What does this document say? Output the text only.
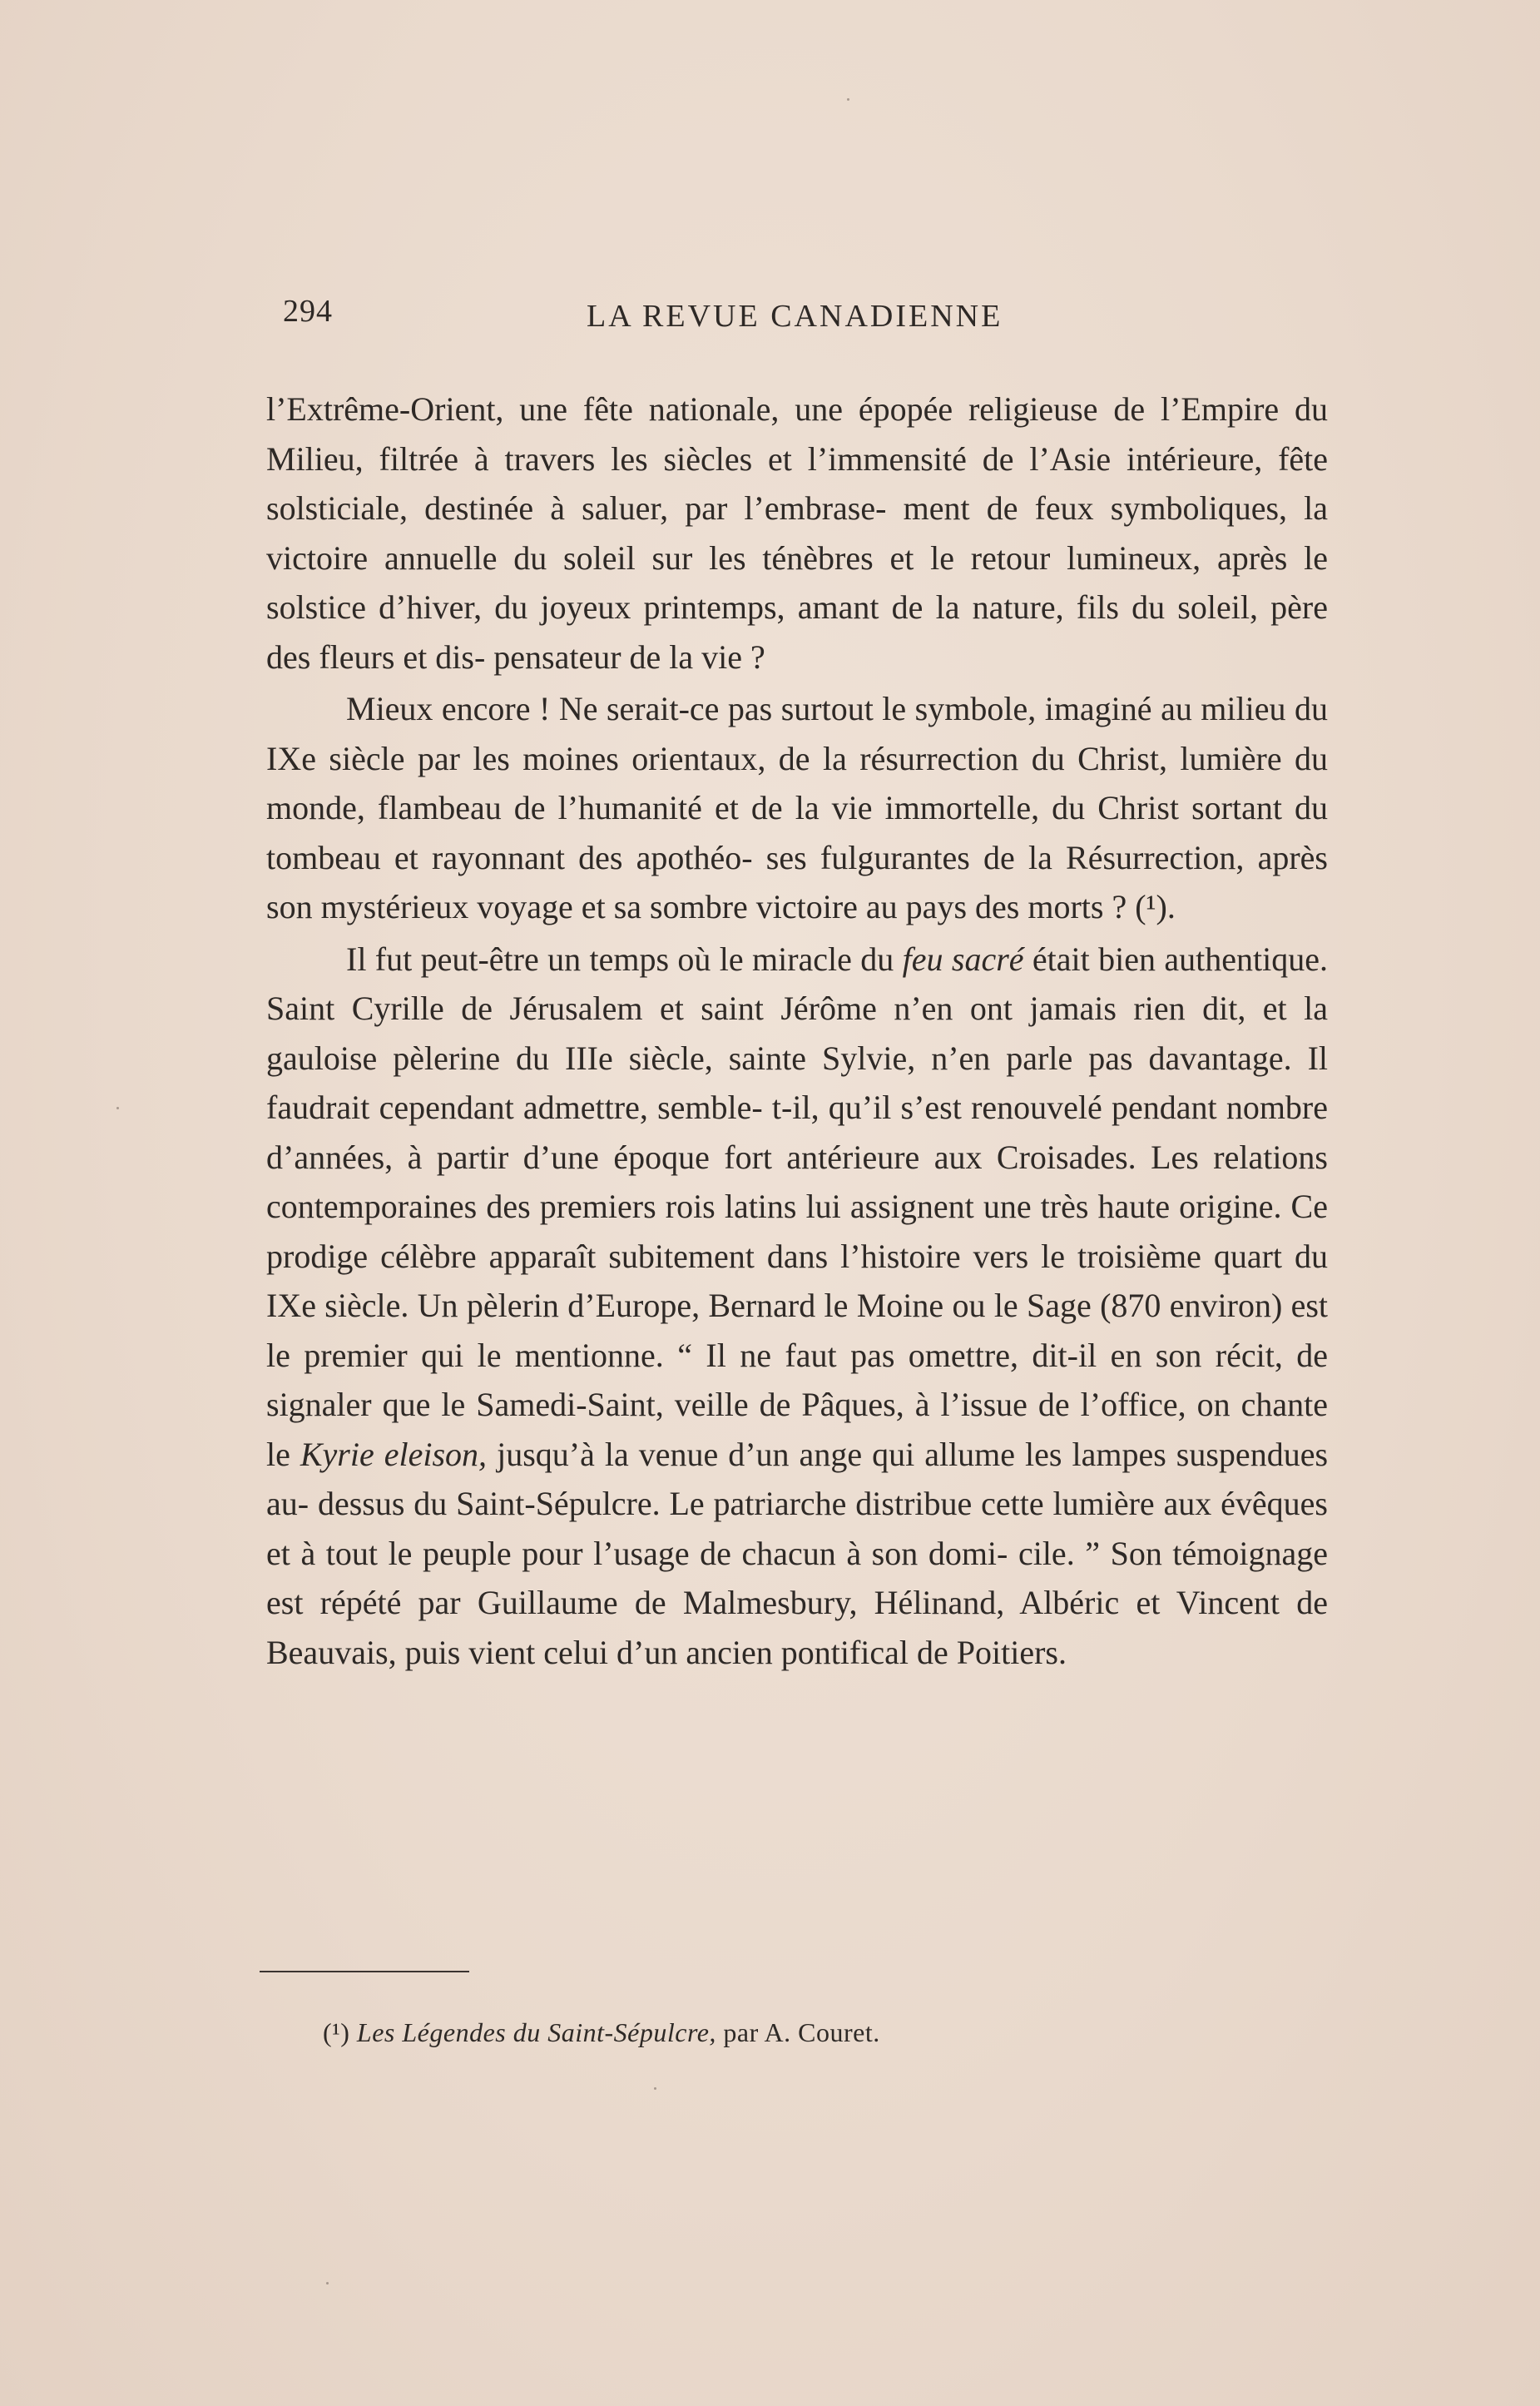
294	LA REVUE CANADIENNE

l’Extrême-Orient, une fête nationale, une épopée religieuse de l’Empire du Milieu, filtrée à travers les siècles et l’immensité de l’Asie intérieure, fête solsticiale, destinée à saluer, par l’embrase- ment de feux symboliques, la victoire annuelle du soleil sur les ténèbres et le retour lumineux, après le solstice d’hiver, du joyeux printemps, amant de la nature, fils du soleil, père des fleurs et dis- pensateur de la vie ?

Mieux encore ! Ne serait-ce pas surtout le symbole, imaginé au milieu du IXe siècle par les moines orientaux, de la résurrection du Christ, lumière du monde, flambeau de l’humanité et de la vie immortelle, du Christ sortant du tombeau et rayonnant des apothéo- ses fulgurantes de la Résurrection, après son mystérieux voyage et sa sombre victoire au pays des morts ? (¹).

Il fut peut-être un temps où le miracle du feu sacré était bien authentique. Saint Cyrille de Jérusalem et saint Jérôme n’en ont jamais rien dit, et la gauloise pèlerine du IIIe siècle, sainte Sylvie, n’en parle pas davantage. Il faudrait cependant admettre, semble- t-il, qu’il s’est renouvelé pendant nombre d’années, à partir d’une époque fort antérieure aux Croisades. Les relations contemporaines des premiers rois latins lui assignent une très haute origine. Ce prodige célèbre apparaît subitement dans l’histoire vers le troisième quart du IXe siècle. Un pèlerin d’Europe, Bernard le Moine ou le Sage (870 environ) est le premier qui le mentionne. “ Il ne faut pas omettre, dit-il en son récit, de signaler que le Samedi-Saint, veille de Pâques, à l’issue de l’office, on chante le Kyrie eleison, jusqu’à la venue d’un ange qui allume les lampes suspendues au- dessus du Saint-Sépulcre. Le patriarche distribue cette lumière aux évêques et à tout le peuple pour l’usage de chacun à son domi- cile. ” Son témoignage est répété par Guillaume de Malmesbury, Hélinand, Albéric et Vincent de Beauvais, puis vient celui d’un ancien pontifical de Poitiers.

(¹) Les Légendes du Saint-Sépulcre, par A. Couret.
